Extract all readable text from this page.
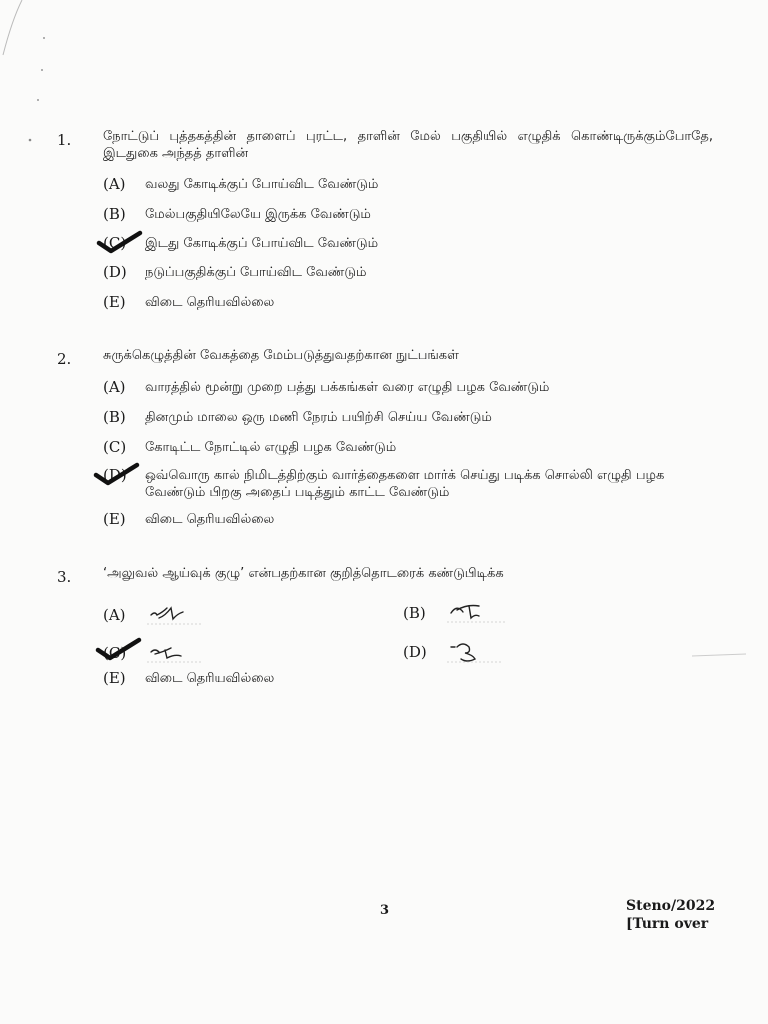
1. நோட்டுப் புத்தகத்தின் தாளைப் புரட்ட, தாளின் மேல் பகுதியில் எழுதிக் கொண்டிருக்கும்போதே, இடதுகை அந்தத் தாளின்
(A)	வலது கோடிக்குப் போய்விட வேண்டும்
(B)	மேல்பகுதியிலேயே இருக்க வேண்டும்
(C)	இடது கோடிக்குப் போய்விட வேண்டும்
(D)	நடுப்பகுதிக்குப் போய்விட வேண்டும்
(E)	விடை தெரியவில்லை
2. சுருக்கெழுத்தின் வேகத்தை மேம்படுத்துவதற்கான நுட்பங்கள்
(A)	வாரத்தில் மூன்று முறை பத்து பக்கங்கள் வரை எழுதி பழக வேண்டும்
(B)	தினமும் மாலை ஒரு மணி நேரம் பயிற்சி செய்ய வேண்டும்
(C)	கோடிட்ட நோட்டில் எழுதி பழக வேண்டும்
(D)	ஒவ்வொரு கால் நிமிடத்திற்கும் வார்த்தைகளை மார்க் செய்து படிக்க சொல்லி எழுதி பழக வேண்டும் பிறகு அதைப் படித்தும் காட்ட வேண்டும்
(E)	விடை தெரியவில்லை
3. ‘அலுவல் ஆய்வுக் குழு’ என்பதற்கான குறித்தொடரைக் கண்டுபிடிக்க
(A)	(B)
(C)	(D)
(E)	விடை தெரியவில்லை
3	Steno/2022
[Turn over
